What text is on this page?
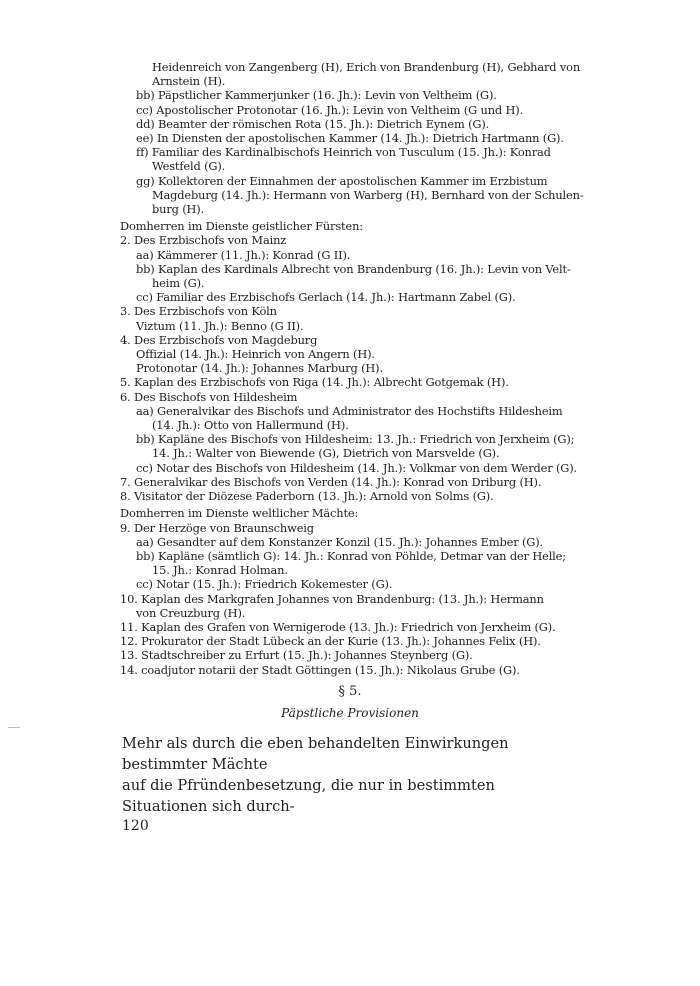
Heidenreich von Zangenberg (H), Erich von Brandenburg (H), Gebhard von
Arnstein (H).
bb) Päpstlicher Kammerjunker (16. Jh.): Levin von Veltheim (G).
cc) Apostolischer Protonotar (16. Jh.): Levin von Veltheim (G und H).
dd) Beamter der römischen Rota (15. Jh.): Dietrich Eynem (G).
ee) In Diensten der apostolischen Kammer (14. Jh.): Dietrich Hartmann (G).
ff) Familiar des Kardinalbischofs Heinrich von Tusculum (15. Jh.): Konrad
Westfeld (G).
gg) Kollektoren der Einnahmen der apostolischen Kammer im Erzbistum
Magdeburg (14. Jh.): Hermann von Warberg (H), Bernhard von der Schulen-
burg (H).
Domherren im Dienste geistlicher Fürsten:
2. Des Erzbischofs von Mainz
aa) Kämmerer (11. Jh.): Konrad (G II).
bb) Kaplan des Kardinals Albrecht von Brandenburg (16. Jh.): Levin von Velt-
heim (G).
cc) Familiar des Erzbischofs Gerlach (14. Jh.): Hartmann Zabel (G).
3. Des Erzbischofs von Köln
Viztum (11. Jh.): Benno (G II).
4. Des Erzbischofs von Magdeburg
Offizial (14. Jh.): Heinrich von Angern (H).
Protonotar (14. Jh.): Johannes Marburg (H).
5. Kaplan des Erzbischofs von Riga (14. Jh.): Albrecht Gotgemak (H).
6. Des Bischofs von Hildesheim
aa) Generalvikar des Bischofs und Administrator des Hochstifts Hildesheim
(14. Jh.): Otto von Hallermund (H).
bb) Kapläne des Bischofs von Hildesheim: 13. Jh.: Friedrich von Jerxheim (G);
14. Jh.: Walter von Biewende (G), Dietrich von Marsvelde (G).
cc) Notar des Bischofs von Hildesheim (14. Jh.): Volkmar von dem Werder (G).
7. Generalvikar des Bischofs von Verden (14. Jh.): Konrad von Driburg (H).
8. Visitator der Diözese Paderborn (13. Jh.): Arnold von Solms (G).
Domherren im Dienste weltlicher Mächte:
9. Der Herzöge von Braunschweig
aa) Gesandter auf dem Konstanzer Konzil (15. Jh.): Johannes Ember (G).
bb) Kapläne (sämtlich G): 14. Jh.: Konrad von Pöhlde, Detmar van der Helle;
15. Jh.: Konrad Holman.
cc) Notar (15. Jh.): Friedrich Kokemester (G).
10. Kaplan des Markgrafen Johannes von Brandenburg: (13. Jh.): Hermann
von Creuzburg (H).
11. Kaplan des Grafen von Wernigerode (13. Jh.): Friedrich von Jerxheim (G).
12. Prokurator der Stadt Lübeck an der Kurie (13. Jh.): Johannes Felix (H).
13. Stadtschreiber zu Erfurt (15. Jh.): Johannes Steynberg (G).
14. coadjutor notarii der Stadt Göttingen (15. Jh.): Nikolaus Grube (G).
§ 5.
Päpstliche Provisionen
Mehr als durch die eben behandelten Einwirkungen bestimmter Mächte
auf die Pfründenbesetzung, die nur in bestimmten Situationen sich durch-
120
